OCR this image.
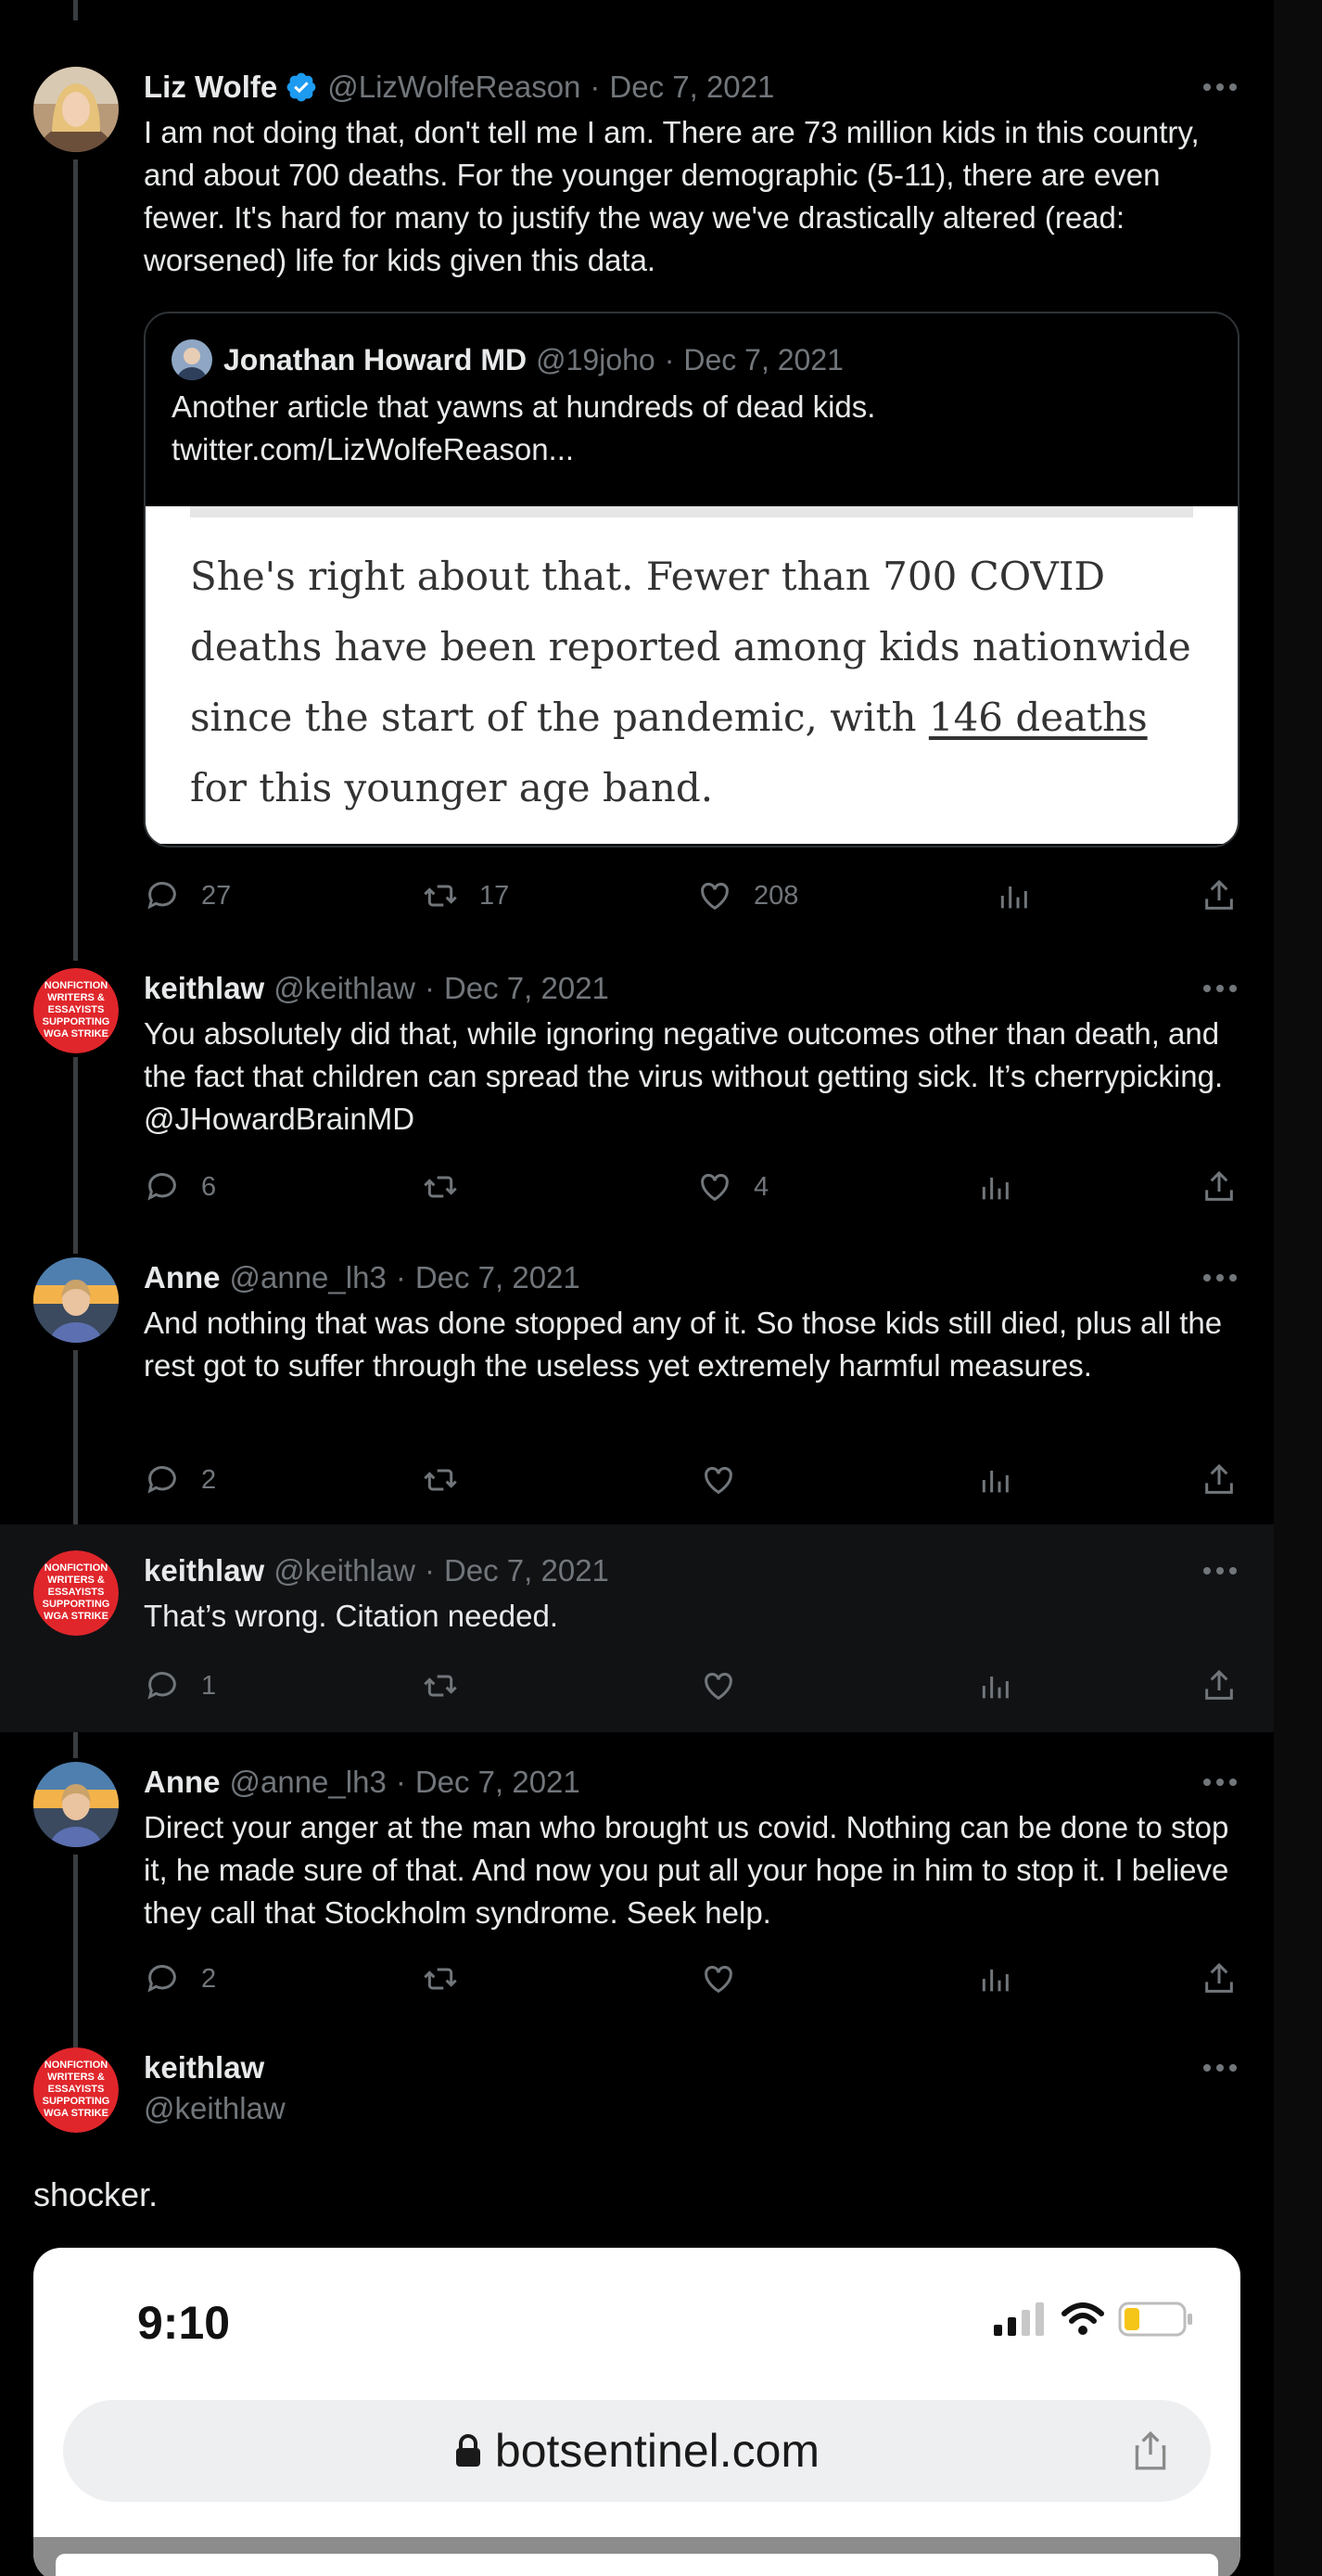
Liz Wolfe @LizWolfeReason · Dec 7, 2021
I am not doing that, don't tell me I am. There are 73 million kids in this country, and about 700 deaths. For the younger demographic (5-11), there are even fewer. It's hard for many to justify the way we've drastically altered (read: worsened) life for kids given this data.
Jonathan Howard MD @19joho · Dec 7, 2021
Another article that yawns at hundreds of dead kids.
twitter.com/LizWolfeReason...
She's right about that. Fewer than 700 COVID deaths have been reported among kids nationwide since the start of the pandemic, with 146 deaths for this younger age band.
27	17	208
NONFICTION
WRITERS &
ESSAYISTS
SUPPORTING
WGA STRIKE
keithlaw @keithlaw · Dec 7, 2021
You absolutely did that, while ignoring negative outcomes other than death, and the fact that children can spread the virus without getting sick. It’s cherrypicking. @JHowardBrainMD
6	4
Anne @anne_lh3 · Dec 7, 2021
And nothing that was done stopped any of it. So those kids still died, plus all the rest got to suffer through the useless yet extremely harmful measures.
2
NONFICTION
WRITERS &
ESSAYISTS
SUPPORTING
WGA STRIKE
keithlaw @keithlaw · Dec 7, 2021
That’s wrong. Citation needed.
1
Anne @anne_lh3 · Dec 7, 2021
Direct your anger at the man who brought us covid. Nothing can be done to stop it, he made sure of that. And now you put all your hope in him to stop it. I believe they call that Stockholm syndrome. Seek help.
2
NONFICTION
WRITERS &
ESSAYISTS
SUPPORTING
WGA STRIKE
keithlaw
@keithlaw
shocker.
9:10
botsentinel.com
